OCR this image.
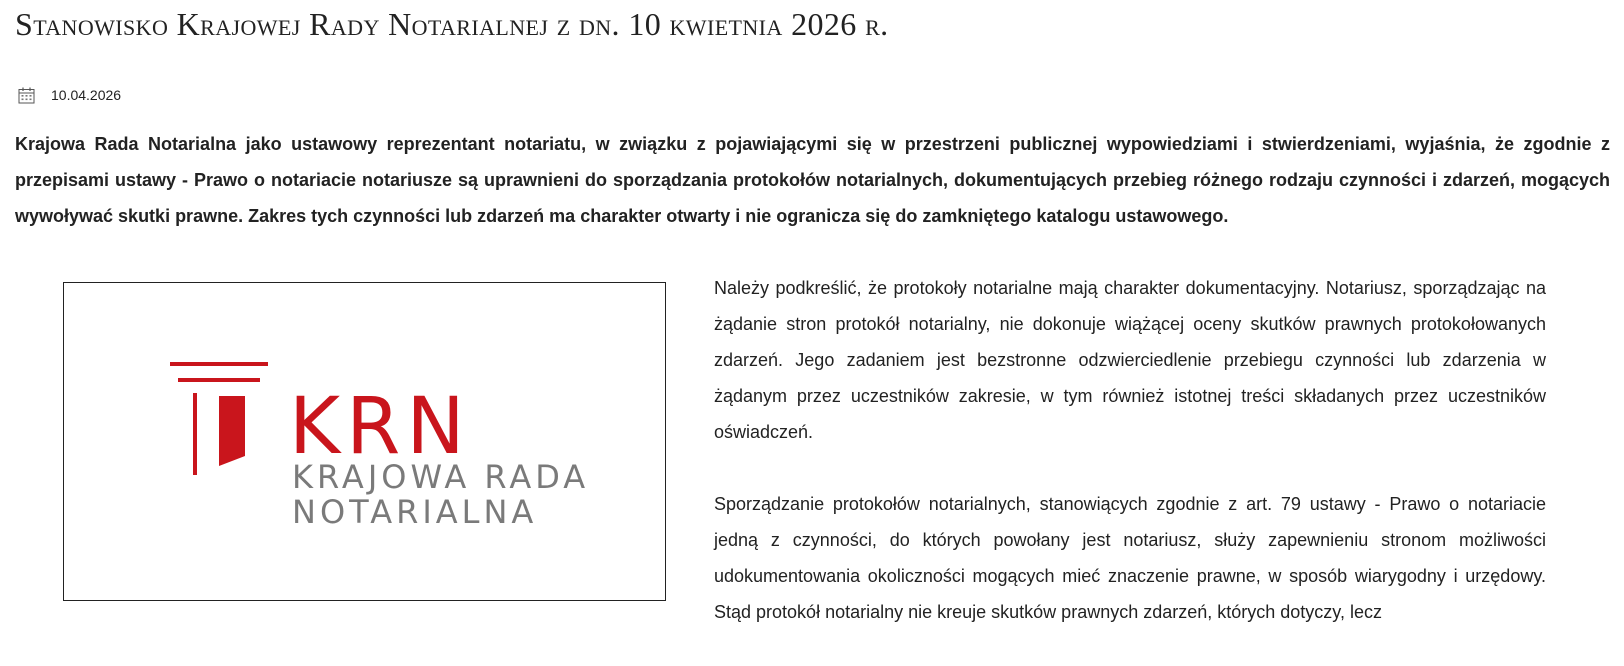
Stanowisko Krajowej Rady Notarialnej z dn. 10 kwietnia 2026 r.
10.04.2026

Krajowa Rada Notarialna jako ustawowy reprezentant notariatu, w związku z pojawiającymi się w przestrzeni publicznej wypowiedziami i stwierdzeniami, wyjaśnia, że zgodnie z przepisami ustawy - Prawo o notariacie notariusze są uprawnieni do sporządzania protokołów notarialnych, dokumentujących przebieg różnego rodzaju czynności i zdarzeń, mogących wywoływać skutki prawne. Zakres tych czynności lub zdarzeń ma charakter otwarty i nie ogranicza się do zamkniętego katalogu ustawowego.

KRN
KRAJOWA RADA
NOTARIALNA

Należy podkreślić, że protokoły notarialne mają charakter dokumentacyjny. Notariusz, sporządzając na żądanie stron protokół notarialny, nie dokonuje wiążącej oceny skutków prawnych protokołowanych zdarzeń. Jego zadaniem jest bezstronne odzwierciedlenie przebiegu czynności lub zdarzenia w żądanym przez uczestników zakresie, w tym również istotnej treści składanych przez uczestników oświadczeń.

Sporządzanie protokołów notarialnych, stanowiących zgodnie z art. 79 ustawy - Prawo o notariacie jedną z czynności, do których powołany jest notariusz, służy zapewnieniu stronom możliwości udokumentowania okoliczności mogących mieć znaczenie prawne, w sposób wiarygodny i urzędowy. Stąd protokół notarialny nie kreuje skutków prawnych zdarzeń, których dotyczy, lecz
